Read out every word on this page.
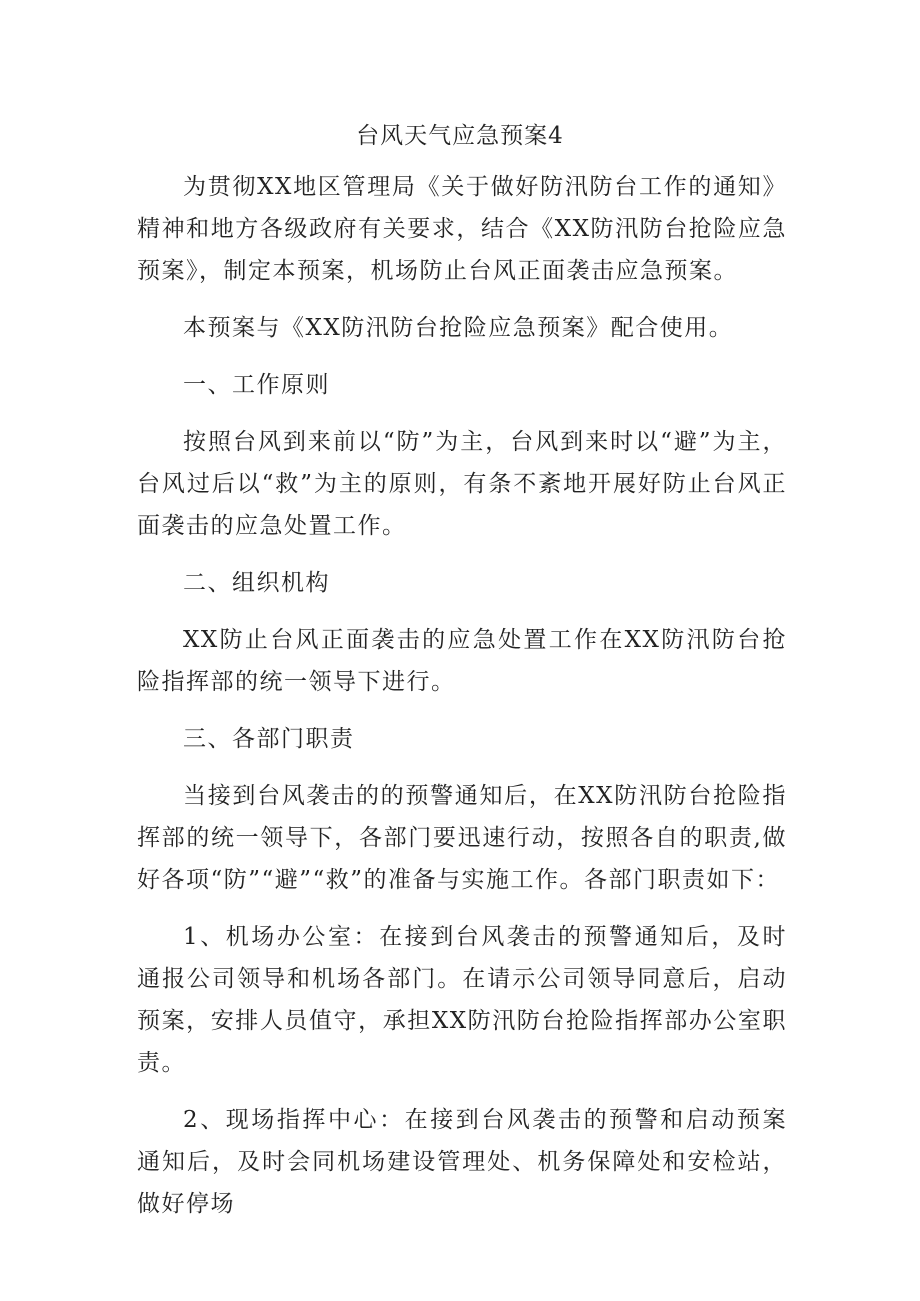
台风天气应急预案4

为贯彻XX地区管理局《关于做好防汛防台工作的通知》精神和地方各级政府有关要求，结合《XX防汛防台抢险应急预案》，制定本预案，机场防止台风正面袭击应急预案。

本预案与《XX防汛防台抢险应急预案》配合使用。

一、工作原则

按照台风到来前以“防”为主，台风到来时以“避”为主，台风过后以“救”为主的原则，有条不紊地开展好防止台风正面袭击的应急处置工作。

二、组织机构

XX防止台风正面袭击的应急处置工作在XX防汛防台抢险指挥部的统一领导下进行。

三、各部门职责

当接到台风袭击的的预警通知后，在XX防汛防台抢险指挥部的统一领导下，各部门要迅速行动，按照各自的职责,做好各项“防”“避”“救”的准备与实施工作。各部门职责如下：

1、机场办公室：在接到台风袭击的预警通知后，及时通报公司领导和机场各部门。在请示公司领导同意后，启动预案，安排人员值守，承担XX防汛防台抢险指挥部办公室职责。

2、现场指挥中心：在接到台风袭击的预警和启动预案通知后，及时会同机场建设管理处、机务保障处和安检站，做好停场
